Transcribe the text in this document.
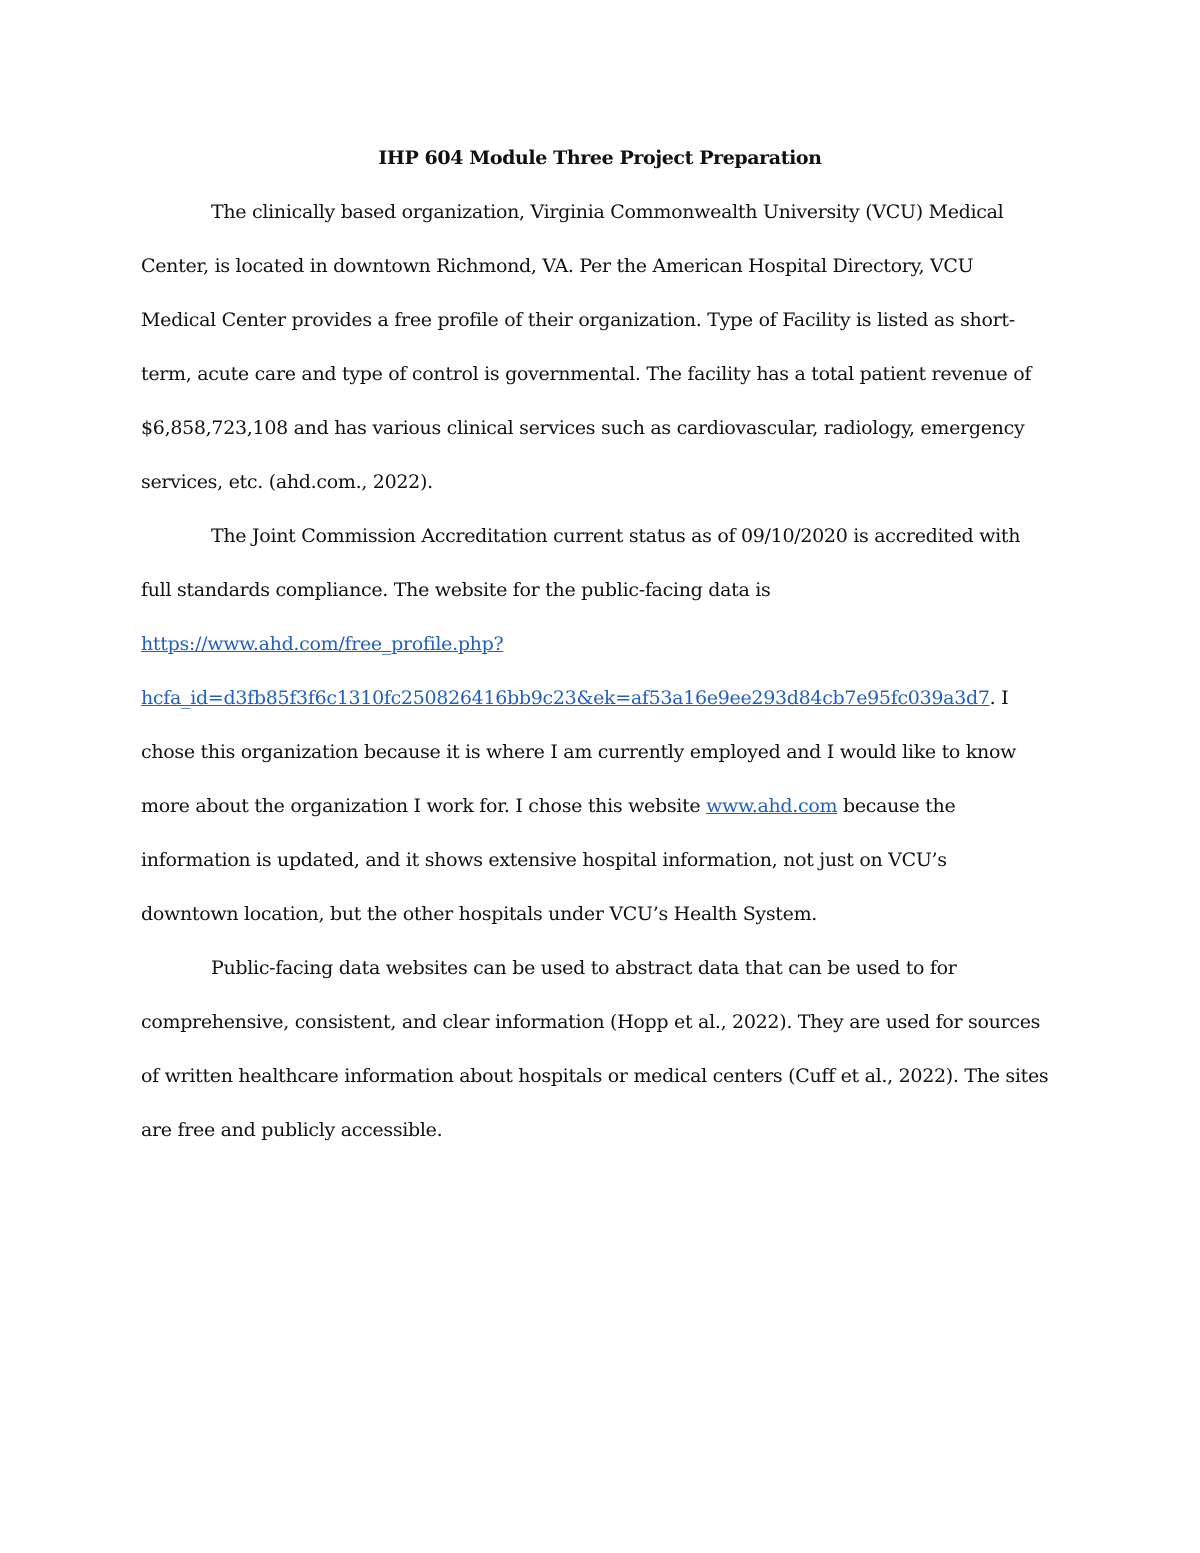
IHP 604 Module Three Project Preparation

The clinically based organization, Virginia Commonwealth University (VCU) Medical

Center, is located in downtown Richmond, VA. Per the American Hospital Directory, VCU

Medical Center provides a free profile of their organization. Type of Facility is listed as short-

term, acute care and type of control is governmental. The facility has a total patient revenue of

$6,858,723,108 and has various clinical services such as cardiovascular, radiology, emergency

services, etc. (ahd.com., 2022).

The Joint Commission Accreditation current status as of 09/10/2020 is accredited with

full standards compliance. The website for the public-facing data is

https://www.ahd.com/free_profile.php?

hcfa_id=d3fb85f3f6c1310fc250826416bb9c23&ek=af53a16e9ee293d84cb7e95fc039a3d7. I

chose this organization because it is where I am currently employed and I would like to know

more about the organization I work for. I chose this website www.ahd.com because the

information is updated, and it shows extensive hospital information, not just on VCU’s

downtown location, but the other hospitals under VCU’s Health System.

Public-facing data websites can be used to abstract data that can be used to for

comprehensive, consistent, and clear information (Hopp et al., 2022). They are used for sources

of written healthcare information about hospitals or medical centers (Cuff et al., 2022). The sites

are free and publicly accessible.
